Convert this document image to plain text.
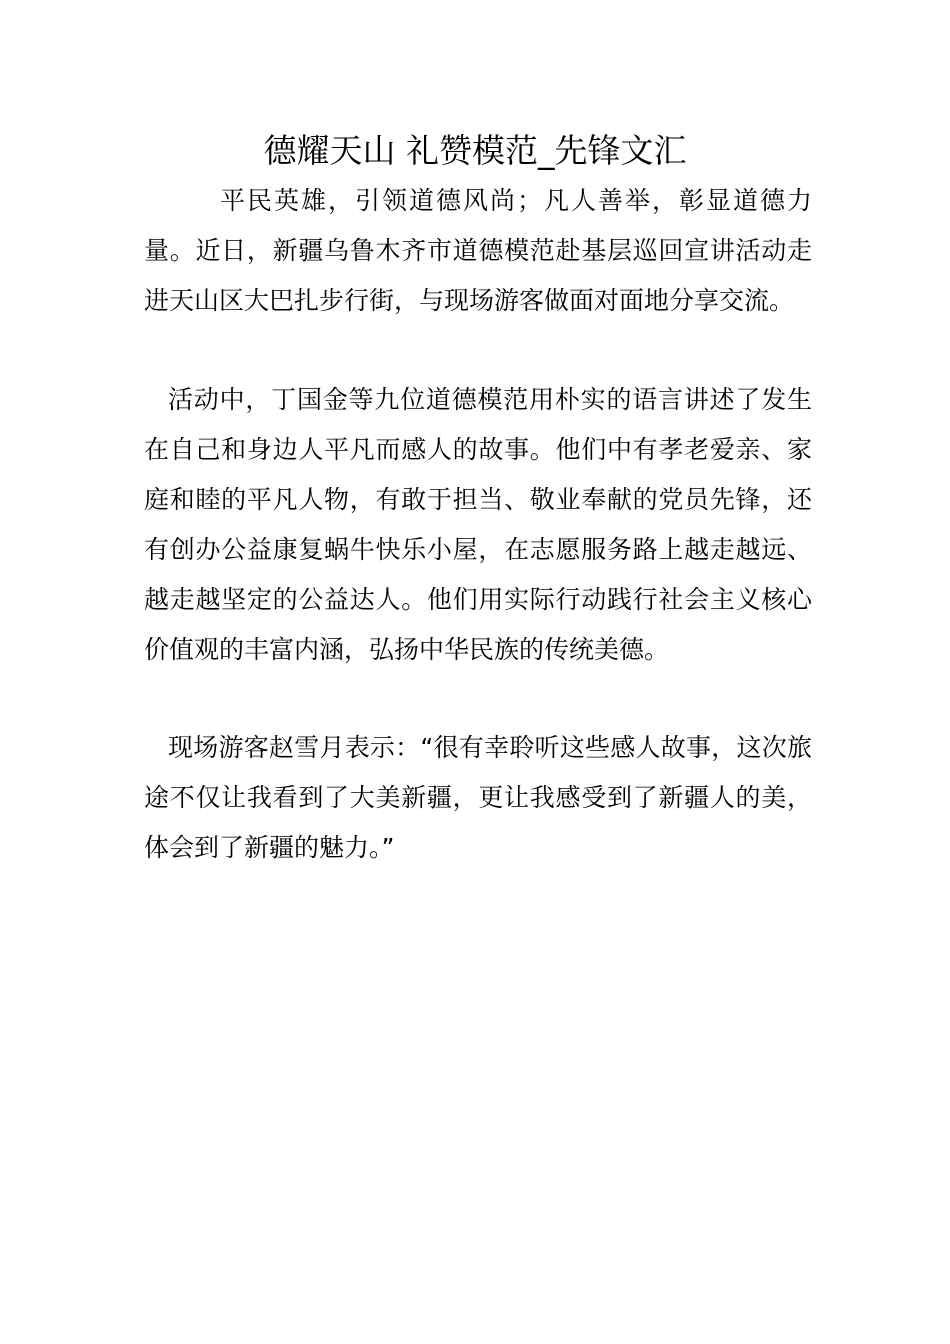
德耀天山 礼赞模范_先锋文汇

平民英雄，引领道德风尚；凡人善举，彰显道德力量。近日，新疆乌鲁木齐市道德模范赴基层巡回宣讲活动走进天山区大巴扎步行街，与现场游客做面对面地分享交流。

活动中，丁国金等九位道德模范用朴实的语言讲述了发生在自己和身边人平凡而感人的故事。他们中有孝老爱亲、家庭和睦的平凡人物，有敢于担当、敬业奉献的党员先锋，还有创办公益康复蜗牛快乐小屋，在志愿服务路上越走越远、越走越坚定的公益达人。他们用实际行动践行社会主义核心价值观的丰富内涵，弘扬中华民族的传统美德。

现场游客赵雪月表示：“很有幸聆听这些感人故事，这次旅途不仅让我看到了大美新疆，更让我感受到了新疆人的美，体会到了新疆的魅力。”
